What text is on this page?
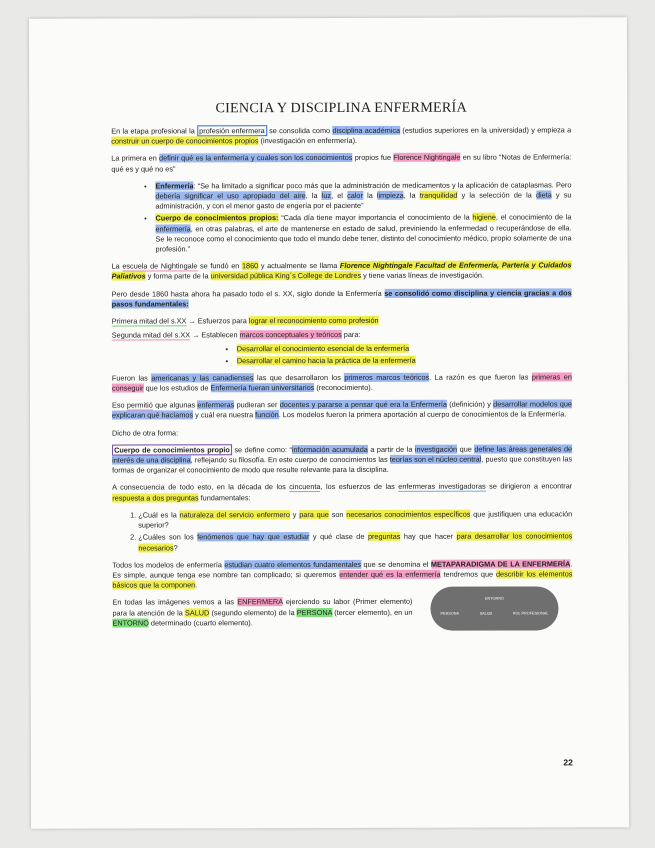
CIENCIA Y DISCIPLINA ENFERMERÍA

En la etapa profesional la profesión enfermera se consolida como disciplina académica (estudios superiores en la universidad) y empieza a construir un cuerpo de conocimientos propios (investigación en enfermería).

La primera en definir qué es la enfermería y cuales son los conocimientos propios fue Florence Nightingale en su libro “Notas de Enfermería: qué es y qué no es”

• Enfermería: “Se ha limitado a significar poco más que la administración de medicamentos y la aplicación de cataplasmas. Pero debería significar el uso apropiado del aire, la luz, el calor la limpieza, la tranquilidad y la selección de la dieta y su administración, y con el menor gasto de engería por el paciente”
• Cuerpo de conocimientos propios: “Cada día tiene mayor importancia el conocimiento de la higiene, el conocimiento de la enfermería, en otras palabras, el arte de mantenerse en estado de salud, previniendo la enfermedad o recuperándose de ella. Se le reconoce como el conocimiento que todo el mundo debe tener, distinto del conocimiento médico, propio solamente de una profesión.”

La escuela de Nightingale se fundó en 1860 y actualmente se llama Florence Nightingale Facultad de Enfermería, Partería y Cuidados Paliativos y forma parte de la universidad pública King´s College de Londres y tiene varias líneas de investigación.

Pero desde 1860 hasta ahora ha pasado todo el s. XX, siglo donde la Enfermería se consolidó como disciplina y ciencia gracias a dos pasos fundamentales:

Primera mitad del s.XX → Esfuerzos para lograr el reconocimiento como profesión

Segunda mitad del s.XX → Establecen marcos conceptuales y teóricos para:

• Desarrollar el conocimiento esencial de la enfermería
• Desarrollar el camino hacia la práctica de la enfermería

Fueron las americanas y las canadienses las que desarrollaron los primeros marcos teóricos. La razón es que fueron las primeras en conseguir que los estudios de Enfermería fueran universitarios (reconocimiento).

Eso permitió que algunas enfermeras pudieran ser docentes y pararse a pensar qué era la Enfermería (definición) y desarrollar modelos que explicaran qué hacíamos y cuál era nuestra función. Los modelos fueron la primera aportación al cuerpo de conocimientos de la Enfermería.

Dicho de otra forma:

Cuerpo de conocimientos propio se define como: “información acumulada a partir de la investigación que define las áreas generales de interés de una disciplina, reflejando su filosofía. En este cuerpo de conocimientos las teorías son el núcleo central, puesto que constituyen las formas de organizar el conocimiento de modo que resulte relevante para la disciplina.

A consecuencia de todo esto, en la década de los cincuenta, los esfuerzos de las enfermeras investigadoras se dirigieron a encontrar respuesta a dos preguntas fundamentales:

1. ¿Cuál es la naturaleza del servicio enfermero y para que son necesarios conocimientos específicos que justifiquen una educación superior?
2. ¿Cuáles son los fenómenos que hay que estudiar y qué clase de preguntas hay que hacer para desarrollar los conocimientos necesarios?

Todos los modelos de enfermería estudian cuatro elementos fundamentales que se denomina el METAPARADIGMA DE LA ENFERMERÍA. Es simple, aunque tenga ese nombre tan complicado; si queremos entender qué es la enfermería tendremos que describir los elementos básicos que la componen.

En todas las imágenes vemos a las ENFERMERA ejerciendo su labor (Primer elemento) para la atención de la SALUD (segundo elemento) de la PERSONA (tercer elemento), en un ENTORNO determinado (cuarto elemento).

ENTORNO
PERSONA	SALUD	ROL PROFESIONAL
22
